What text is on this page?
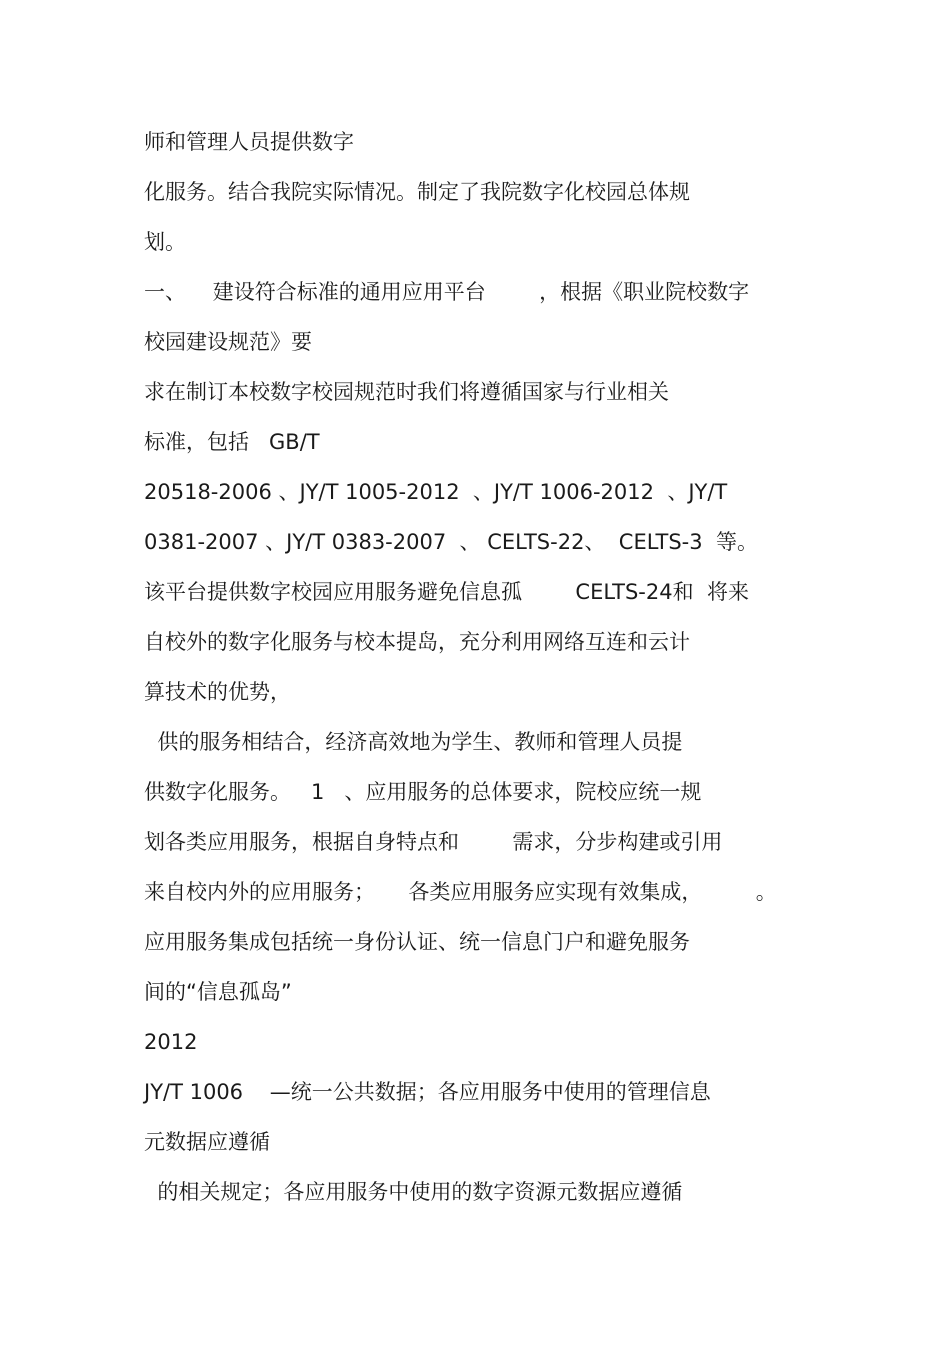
师和管理人员提供数字

化服务。结合我院实际情况。制定了我院数字化校园总体规

划。

一、    建设符合标准的通用应用平台        ，根据《职业院校数字

校园建设规范》要

求在制订本校数字校园规范时我们将遵循国家与行业相关

标准，包括   GB/T

20518-2006 、JY/T 1005-2012  、JY/T 1006-2012  、JY/T

0381-2007 、JY/T 0383-2007  、 CELTS-22、  CELTS-3  等。

该平台提供数字校园应用服务避免信息孤        CELTS-24和  将来

自校外的数字化服务与校本提岛，充分利用网络互连和云计

算技术的优势，

供的服务相结合，经济高效地为学生、教师和管理人员提

供数字化服务。   1   、应用服务的总体要求，院校应统一规

划各类应用服务，根据自身特点和        需求，分步构建或引用

来自校内外的应用服务；     各类应用服务应实现有效集成，        。

应用服务集成包括统一身份认证、统一信息门户和避免服务

间的“信息孤岛”

2012

JY/T 1006    —统一公共数据；各应用服务中使用的管理信息

元数据应遵循

的相关规定；各应用服务中使用的数字资源元数据应遵循
